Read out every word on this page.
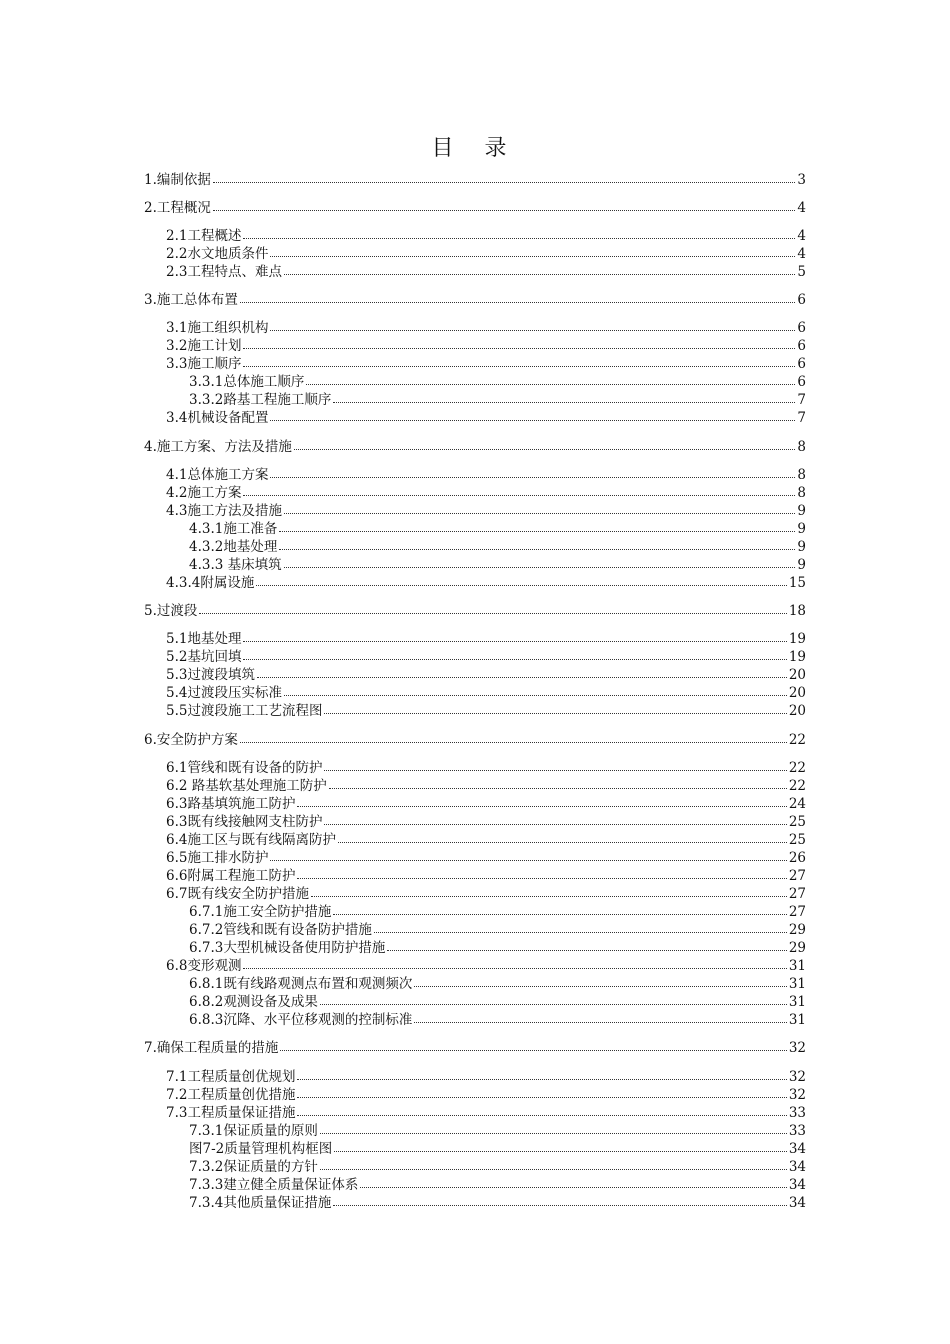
目 录
1.编制依据	3
2.工程概况	4
2.1工程概述	4
2.2水文地质条件	4
2.3工程特点、难点	5
3.施工总体布置	6
3.1施工组织机构	6
3.2施工计划	6
3.3施工顺序	6
3.3.1总体施工顺序	6
3.3.2路基工程施工顺序	7
3.4机械设备配置	7
4.施工方案、方法及措施	8
4.1总体施工方案	8
4.2施工方案	8
4.3施工方法及措施	9
4.3.1施工准备	9
4.3.2地基处理	9
4.3.3 基床填筑	9
4.3.4附属设施	15
5.过渡段	18
5.1地基处理	19
5.2基坑回填	19
5.3过渡段填筑	20
5.4过渡段压实标准	20
5.5过渡段施工工艺流程图	20
6.安全防护方案	22
6.1管线和既有设备的防护	22
6.2 路基软基处理施工防护	22
6.3路基填筑施工防护	24
6.3既有线接触网支柱防护	25
6.4施工区与既有线隔离防护	25
6.5施工排水防护	26
6.6附属工程施工防护	27
6.7既有线安全防护措施	27
6.7.1施工安全防护措施	27
6.7.2管线和既有设备防护措施	29
6.7.3大型机械设备使用防护措施	29
6.8变形观测	31
6.8.1既有线路观测点布置和观测频次	31
6.8.2观测设备及成果	31
6.8.3沉降、水平位移观测的控制标准	31
7.确保工程质量的措施	32
7.1工程质量创优规划	32
7.2工程质量创优措施	32
7.3工程质量保证措施	33
7.3.1保证质量的原则	33
图7-2质量管理机构框图	34
7.3.2保证质量的方针	34
7.3.3建立健全质量保证体系	34
7.3.4其他质量保证措施	34
